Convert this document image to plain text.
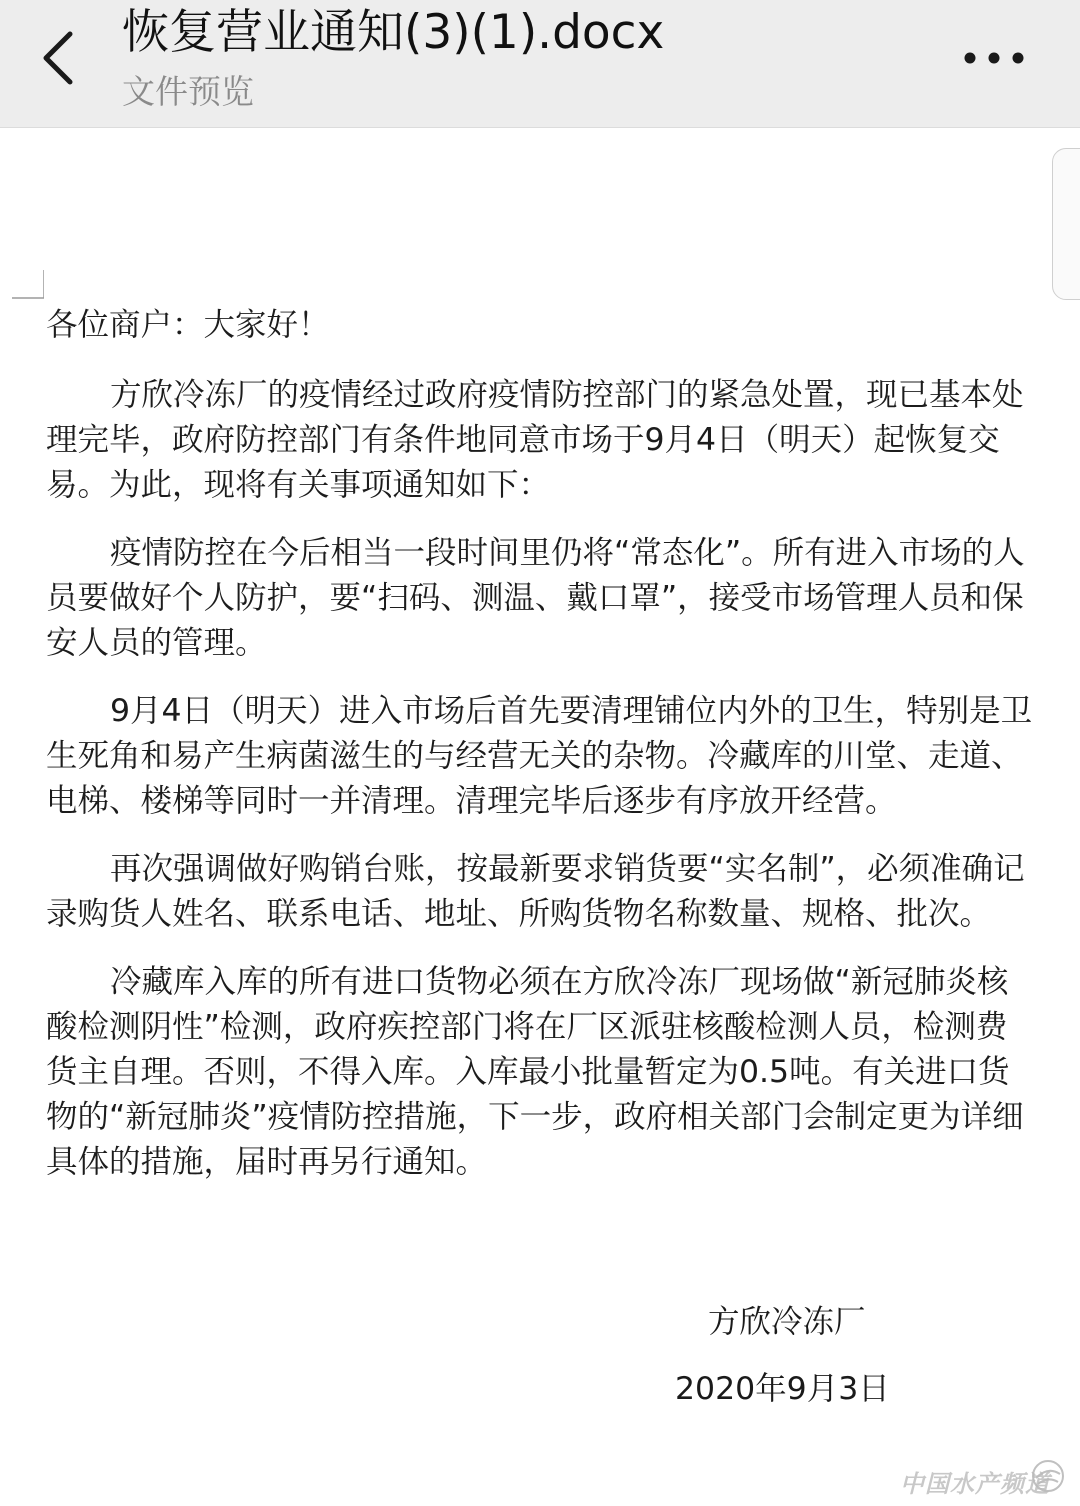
恢复营业通知(3)(1).docx
文件预览

各位商户：大家好！

方欣冷冻厂的疫情经过政府疫情防控部门的紧急处置，现已基本处理完毕，政府防控部门有条件地同意市场于9月4日（明天）起恢复交易。为此，现将有关事项通知如下：

疫情防控在今后相当一段时间里仍将“常态化”。所有进入市场的人员要做好个人防护，要“扫码、测温、戴口罩”，接受市场管理人员和保安人员的管理。

9月4日（明天）进入市场后首先要清理铺位内外的卫生，特别是卫生死角和易产生病菌滋生的与经营无关的杂物。冷藏库的川堂、走道、电梯、楼梯等同时一并清理。清理完毕后逐步有序放开经营。

再次强调做好购销台账，按最新要求销货要“实名制”，必须准确记录购货人姓名、联系电话、地址、所购货物名称数量、规格、批次。

冷藏库入库的所有进口货物必须在方欣冷冻厂现场做“新冠肺炎核酸检测阴性”检测，政府疾控部门将在厂区派驻核酸检测人员，检测费货主自理。否则，不得入库。入库最小批量暂定为0.5吨。有关进口货物的“新冠肺炎”疫情防控措施，下一步，政府相关部门会制定更为详细具体的措施，届时再另行通知。

方欣冷冻厂
2020年9月3日
中国水产频道
